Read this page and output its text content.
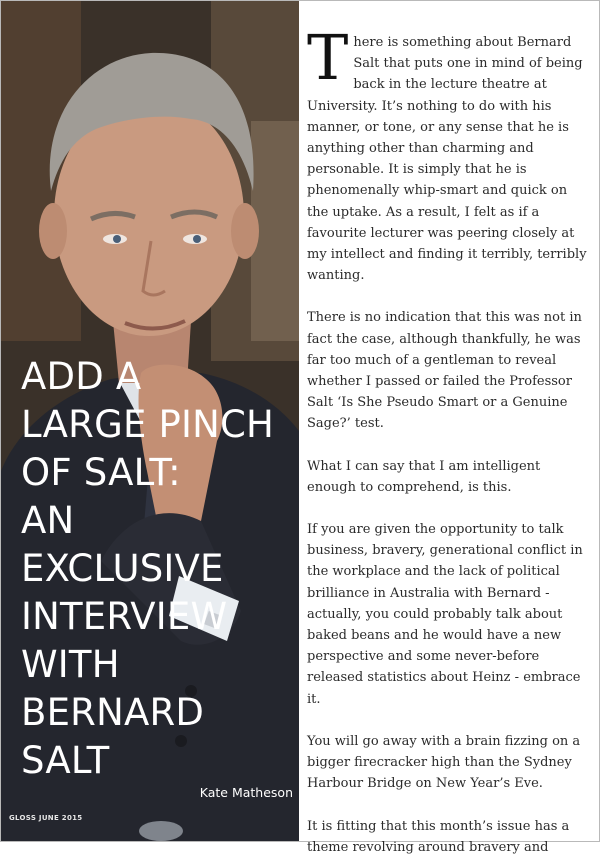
ADD A
LARGE PINCH
OF SALT:
AN
EXCLUSIVE
INTERVIEW
WITH
BERNARD
SALT
Kate Matheson
GLOSS JUNE 2015

There is something about Bernard Salt that puts one in mind of being back in the lecture theatre at University. It’s nothing to do with his manner, or tone, or any sense that he is anything other than charming and personable. It is simply that he is phenomenally whip-smart and quick on the uptake. As a result, I felt as if a favourite lecturer was peering closely at my intellect and finding it terribly, terribly wanting.

There is no indication that this was not in fact the case, although thankfully, he was far too much of a gentleman to reveal whether I passed or failed the Professor Salt ‘Is She Pseudo Smart or a Genuine Sage?’ test.

What I can say that I am intelligent enough to comprehend, is this.

If you are given the opportunity to talk business, bravery, generational conflict in the workplace and the lack of political brilliance in Australia with Bernard - actually, you could probably talk about baked beans and he would have a new perspective and some never-before released statistics about Heinz - embrace it.

You will go away with a brain fizzing on a bigger firecracker high than the Sydney Harbour Bridge on New Year’s Eve.

It is fitting that this month’s issue has a theme revolving around bravery and
